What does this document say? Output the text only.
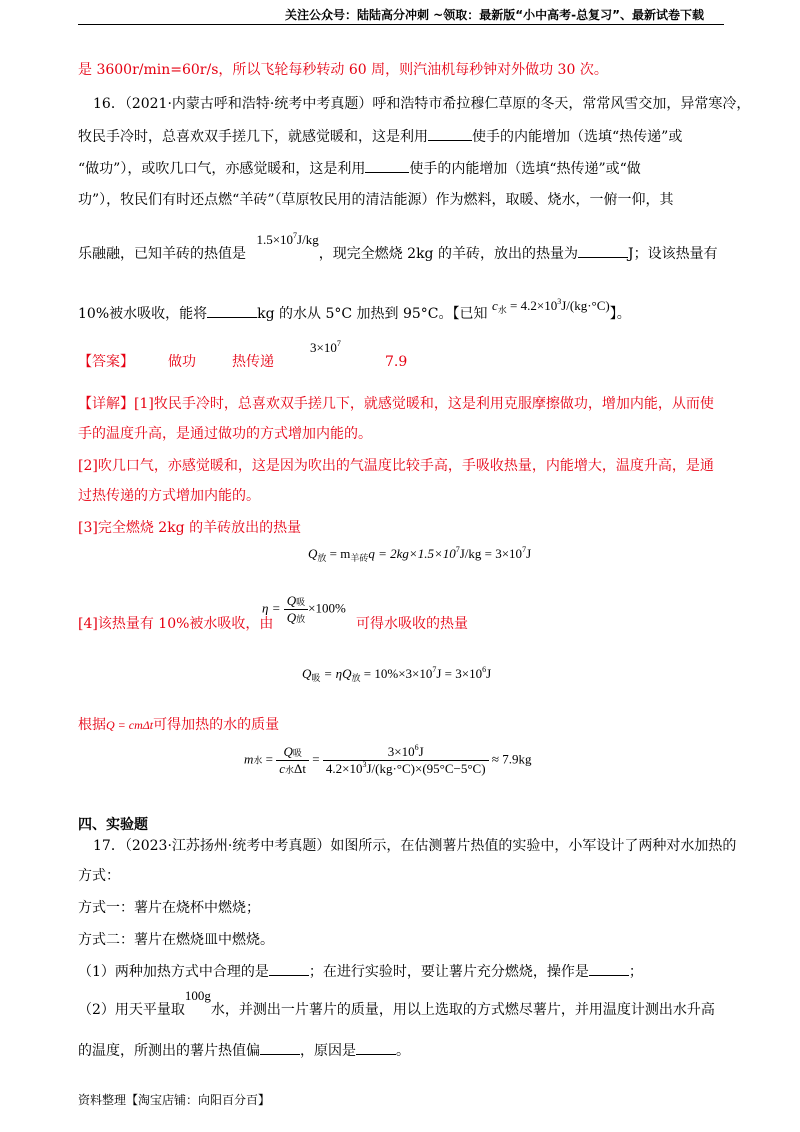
关注公众号：陆陆高分冲刺 ~领取：最新版“小中高考-总复习”、最新试卷下载
是 3600r/min=60r/s，所以飞轮每秒转动 60 周，则汽油机每秒钟对外做功 30 次。
16．（2021·内蒙古呼和浩特·统考中考真题）呼和浩特市希拉穆仁草原的冬天，常常风雪交加，异常寒冷，
牧民手冷时，总喜欢双手搓几下，就感觉暖和，这是利用	使手的内能增加（选填“热传递”或
“做功”），或吹几口气，亦感觉暖和，这是利用	使手的内能增加（选填“热传递”或“做
功”），牧民们有时还点燃“羊砖”（草原牧民用的清洁能源）作为燃料，取暖、烧水，一俯一仰，其
乐融融，已知羊砖的热值是 $1.5\times 10^7J/kg$，现完全燃烧 2kg 的羊砖，放出的热量为	J；设该热量有
10%被水吸收，能将	kg 的水从 5°C 加热到 95°C。【已知 $c_水 = 4.2\times 10^3J/(kg\cdot^\circ C)$】。
【答案】 做功	热传递
$3\times 10^7$
7.9
【详解】[1]牧民手冷时，总喜欢双手搓几下，就感觉暖和，这是利用克服摩擦做功，增加内能，从而使
手的温度升高，是通过做功的方式增加内能的。
[2]吹几口气，亦感觉暖和，这是因为吹出的气温度比较手高，手吸收热量，内能增大，温度升高，是通
过热传递的方式增加内能的。
[3]完全燃烧 2kg 的羊砖放出的热量
$Q_放 = m_{羊砖}q = 2kg\times 1.5\times 10^7J/kg = 3\times 10^7J$
[4]该热量有 10%被水吸收，由
$\eta = \frac{\text{Q吸}}{\text{Q放}} \times 100\%$
可得水吸收的热量
$Q_吸 = \eta Q_放 = 10\%\times 3\times 10^7J = 3\times 10^6J$
根据Q = cmΔt可得加热的水的质量
m水 = $\frac{\text{Q吸}}{\text{c水Δt}} = \frac{3\times 10^6J}{4.2\times 10^3J/(kg\cdot^\circ C)\times(95^\circ C-5^\circ C)} \approx 7.9kg$
四、实验题
17．（2023·江苏扬州·统考中考真题）如图所示，在估测薯片热值的实验中，小军设计了两种对水加热的
方式：
方式一：薯片在烧杯中燃烧；
方式二：薯片在燃烧皿中燃烧。
（1）两种加热方式中合理的是	；在进行实验时，要让薯片充分燃烧，操作是	；
（2）用天平量取100g水，并测出一片薯片的质量，用以上选取的方式燃尽薯片，并用温度计测出水升高
的温度，所测出的薯片热值偏	，原因是	。
资料整理【淘宝店铺：向阳百分百】
